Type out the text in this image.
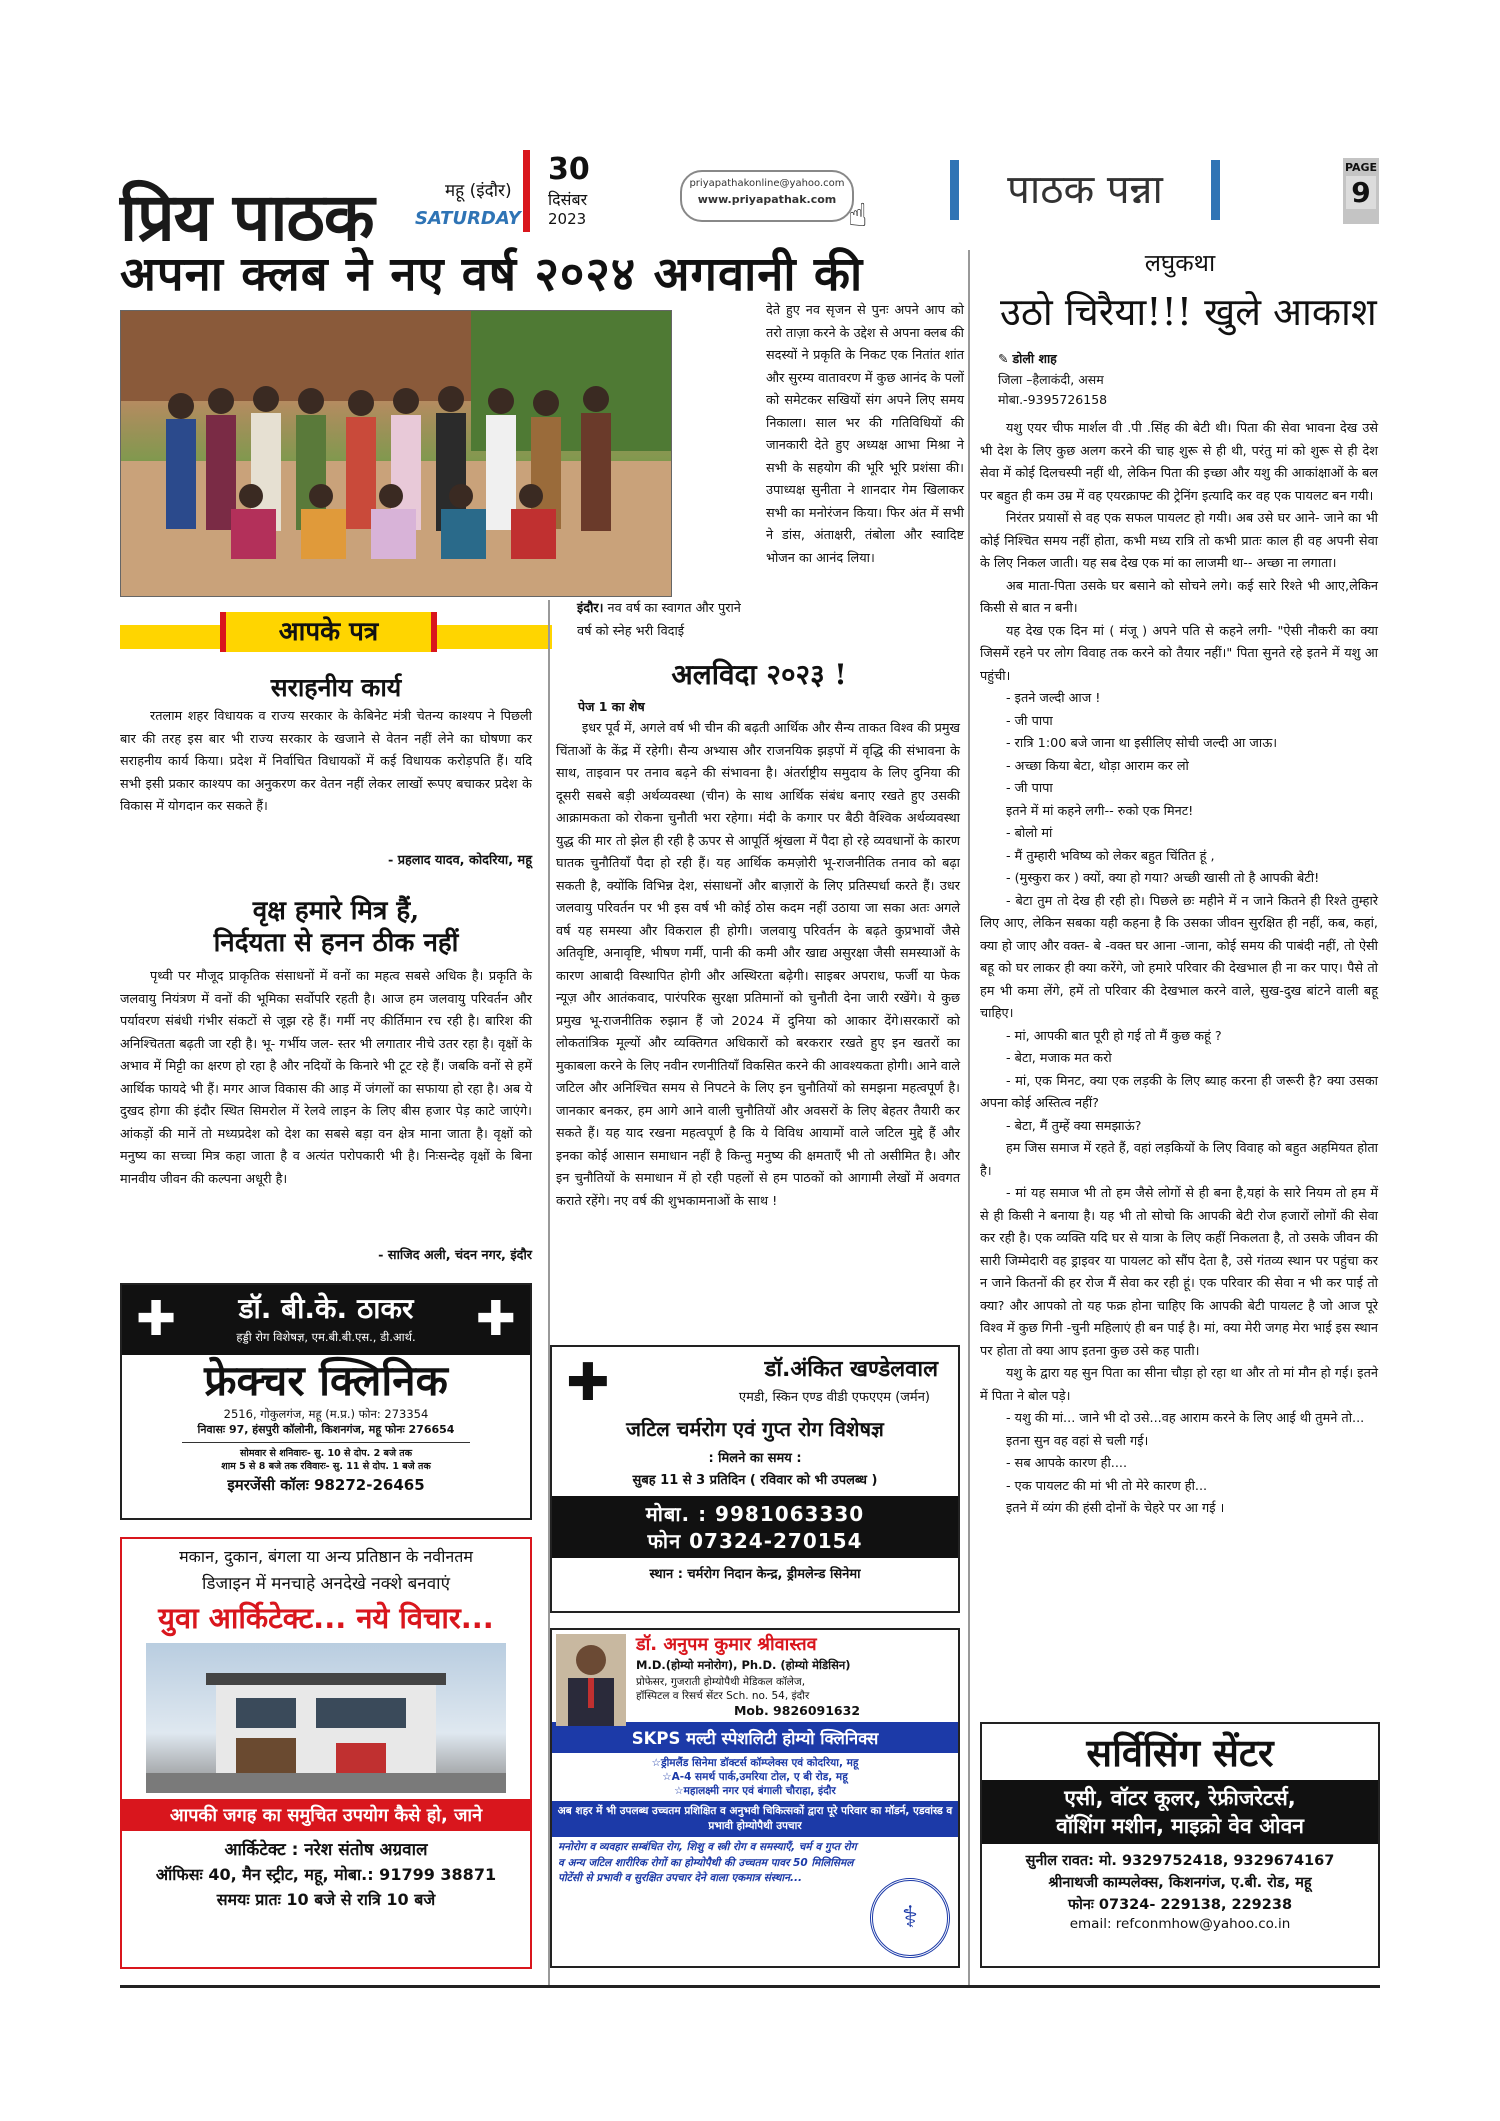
प्रिय पाठक	महू (इंदौर)
SATURDAY
30
दिसंबर
2023
priyapathakonline@yahoo.com
www.priyapathak.com ☝
पाठक पन्ना	PAGE
9
अपना क्लब ने नए वर्ष २०२४ अगवानी की
इंदौर। नव वर्ष का स्वागत और पुराने वर्ष को स्नेह भरी विदाई
देते हुए नव सृजन से पुनः अपने आप को तरो ताज़ा करने के उद्देश से अपना क्लब की सदस्यों ने प्रकृति के निकट एक नितांत शांत और सुरम्य वातावरण में कुछ आनंद के पलों को समेटकर सखियों संग अपने लिए समय निकाला। साल भर की गतिविधियों की जानकारी देते हुए अध्यक्ष आभा मिश्रा ने सभी के सहयोग की भूरि भूरि प्रशंसा की। उपाध्यक्ष सुनीता ने शानदार गेम खिलाकर सभी का मनोरंजन किया। फिर अंत में सभी ने डांस, अंताक्षरी, तंबोला और स्वादिष्ट भोजन का आनंद लिया।
आपके पत्र
सराहनीय कार्य
रतलाम शहर विधायक व राज्य सरकार के केबिनेट मंत्री चेतन्य काश्यप ने पिछली बार की तरह इस बार भी राज्य सरकार के खजाने से वेतन नहीं लेने का घोषणा कर सराहनीय कार्य किया। प्रदेश में निर्वाचित विधायकों में कई विधायक करोड़पति हैं। यदि सभी इसी प्रकार काश्यप का अनुकरण कर वेतन नहीं लेकर लाखों रूपए बचाकर प्रदेश के विकास में योगदान कर सकते हैं।
- प्रहलाद यादव, कोदरिया, महू
वृक्ष हमारे मित्र हैं,
निर्दयता से हनन ठीक नहीं
पृथ्वी पर मौजूद प्राकृतिक संसाधनों में वनों का महत्व सबसे अधिक है। प्रकृति के जलवायु नियंत्रण में वनों की भूमिका सर्वोपरि रहती है। आज हम जलवायु परिवर्तन और पर्यावरण संबंधी गंभीर संकटों से जूझ रहे हैं। गर्मी नए कीर्तिमान रच रही है। बारिश की अनिश्चितता बढ़ती जा रही है। भू- गर्भीय जल- स्तर भी लगातार नीचे उतर रहा है। वृक्षों के अभाव में मिट्टी का क्षरण हो रहा है और नदियों के किनारे भी टूट रहे हैं। जबकि वनों से हमें आर्थिक फायदे भी हैं। मगर आज विकास की आड़ में जंगलों का सफाया हो रहा है। अब ये दुखद होगा की इंदौर स्थित सिमरोल में रेलवे लाइन के लिए बीस हजार पेड़ काटे जाएंगे। आंकड़ों की मानें तो मध्यप्रदेश को देश का सबसे बड़ा वन क्षेत्र माना जाता है। वृक्षों को मनुष्य का सच्चा मित्र कहा जाता है व अत्यंत परोपकारी भी है। निःसन्देह वृक्षों के बिना मानवीय जीवन की कल्पना अधूरी है।
- साजिद अली, चंदन नगर, इंदौर
अलविदा २०२३ !
पेज 1 का शेष
इधर पूर्व में, अगले वर्ष भी चीन की बढ़ती आर्थिक और सैन्य ताकत विश्व की प्रमुख चिंताओं के केंद्र में रहेगी। सैन्य अभ्यास और राजनयिक झड़पों में वृद्धि की संभावना के साथ, ताइवान पर तनाव बढ़ने की संभावना है। अंतर्राष्ट्रीय समुदाय के लिए दुनिया की दूसरी सबसे बड़ी अर्थव्यवस्था (चीन) के साथ आर्थिक संबंध बनाए रखते हुए उसकी आक्रामकता को रोकना चुनौती भरा रहेगा। मंदी के कगार पर बैठी वैश्विक अर्थव्यवस्था युद्ध की मार तो झेल ही रही है ऊपर से आपूर्ति श्रृंखला में पैदा हो रहे व्यवधानों के कारण घातक चुनौतियाँ पैदा हो रही हैं। यह आर्थिक कमज़ोरी भू-राजनीतिक तनाव को बढ़ा सकती है, क्योंकि विभिन्न देश, संसाधनों और बाज़ारों के लिए प्रतिस्पर्धा करते हैं। उधर जलवायु परिवर्तन पर भी इस वर्ष भी कोई ठोस कदम नहीं उठाया जा सका अतः अगले वर्ष यह समस्या और विकराल ही होगी। जलवायु परिवर्तन के बढ़ते कुप्रभावों जैसे अतिवृष्टि, अनावृष्टि, भीषण गर्मी, पानी की कमी और खाद्य असुरक्षा जैसी समस्याओं के कारण आबादी विस्थापित होगी और अस्थिरता बढ़ेगी। साइबर अपराध, फर्जी या फेक न्यूज़ और आतंकवाद, पारंपरिक सुरक्षा प्रतिमानों को चुनौती देना जारी रखेंगे। ये कुछ प्रमुख भू-राजनीतिक रुझान हैं जो 2024 में दुनिया को आकार देंगे।सरकारों को लोकतांत्रिक मूल्यों और व्यक्तिगत अधिकारों को बरकरार रखते हुए इन खतरों का मुकाबला करने के लिए नवीन रणनीतियाँ विकसित करने की आवश्यकता होगी। आने वाले जटिल और अनिश्चित समय से निपटने के लिए इन चुनौतियों को समझना महत्वपूर्ण है। जानकार बनकर, हम आगे आने वाली चुनौतियों और अवसरों के लिए बेहतर तैयारी कर सकते हैं। यह याद रखना महत्वपूर्ण है कि ये विविध आयामों वाले जटिल मुद्दे हैं और इनका कोई आसान समाधान नहीं है किन्तु मनुष्य की क्षमताएँ भी तो असीमित है। और इन चुनौतियों के समाधान में हो रही पहलों से हम पाठकों को आगामी लेखों में अवगत कराते रहेंगे। नए वर्ष की शुभकामनाओं के साथ !
लघुकथा
उठो चिरैया!!! खुले आकाश
✎ डोली शाह
जिला –हैलाकंदी, असम
मोबा.-9395726158

यशु एयर चीफ मार्शल वी .पी .सिंह की बेटी थी। पिता की सेवा भावना देख उसे भी देश के लिए कुछ अलग करने की चाह शुरू से ही थी, परंतु मां को शुरू से ही देश सेवा में कोई दिलचस्पी नहीं थी, लेकिन पिता की इच्छा और यशु की आकांक्षाओं के बल पर बहुत ही कम उम्र में वह एयरक्राफ्ट की ट्रेनिंग इत्यादि कर वह एक पायलट बन गयी।

निरंतर प्रयासों से वह एक सफल पायलट हो गयी। अब उसे घर आने- जाने का भी कोई निश्चित समय नहीं होता, कभी मध्य रात्रि तो कभी प्रातः काल ही वह अपनी सेवा के लिए निकल जाती। यह सब देख एक मां का लाजमी था-- अच्छा ना लगाता।

अब माता-पिता उसके घर बसाने को सोचने लगे। कई सारे रिश्ते भी आए,लेकिन किसी से बात न बनी।

यह देख एक दिन मां ( मंजू ) अपने पति से कहने लगी- "ऐसी नौकरी का क्या जिसमें रहने पर लोग विवाह तक करने को तैयार नहीं।" पिता सुनते रहे इतने में यशु आ पहुंची।

- इतने जल्दी आज !

- जी पापा

- रात्रि 1:00 बजे जाना था इसीलिए सोची जल्दी आ जाऊ।

- अच्छा किया बेटा, थोड़ा आराम कर लो

- जी पापा

इतने में मां कहने लगी-- रुको एक मिनट!

- बोलो मां

- मैं तुम्हारी भविष्य को लेकर बहुत चिंतित हूं ,

- (मुस्कुरा कर ) क्यों, क्या हो गया? अच्छी खासी तो है आपकी बेटी!

- बेटा तुम तो देख ही रही हो। पिछले छः महीने में न जाने कितने ही रिश्ते तुम्हारे लिए आए, लेकिन सबका यही कहना है कि उसका जीवन सुरक्षित ही नहीं, कब, कहां, क्या हो जाए और वक्त- बे -वक्त घर आना -जाना, कोई समय की पाबंदी नहीं, तो ऐसी बहू को घर लाकर ही क्या करेंगे, जो हमारे परिवार की देखभाल ही ना कर पाए। पैसे तो हम भी कमा लेंगे, हमें तो परिवार की देखभाल करने वाले, सुख-दुख बांटने वाली बहू चाहिए।

- मां, आपकी बात पूरी हो गई तो मैं कुछ कहूं ?

- बेटा, मजाक मत करो

- मां, एक मिनट, क्या एक लड़की के लिए ब्याह करना ही जरूरी है? क्या उसका अपना कोई अस्तित्व नहीं?

- बेटा, मैं तुम्हें क्या समझाऊं?

हम जिस समाज में रहते हैं, वहां लड़कियों के लिए विवाह को बहुत अहमियत होता है।

- मां यह समाज भी तो हम जैसे लोगों से ही बना है,यहां के सारे नियम तो हम में से ही किसी ने बनाया है। यह भी तो सोचो कि आपकी बेटी रोज हजारों लोगों की सेवा कर रही है। एक व्यक्ति यदि घर से यात्रा के लिए कहीं निकलता है, तो उसके जीवन की सारी जिम्मेदारी वह ड्राइवर या पायलट को सौंप देता है, उसे गंतव्य स्थान पर पहुंचा कर न जाने कितनों की हर रोज मैं सेवा कर रही हूं। एक परिवार की सेवा न भी कर पाई तो क्या? और आपको तो यह फक्र होना चाहिए कि आपकी बेटी पायलट है जो आज पूरे विश्व में कुछ गिनी -चुनी महिलाएं ही बन पाई है। मां, क्या मेरी जगह मेरा भाई इस स्थान पर होता तो क्या आप इतना कुछ उसे कह पाती।

यशु के द्वारा यह सुन पिता का सीना चौड़ा हो रहा था और तो मां मौन हो गई। इतने में पिता ने बोल पड़े।

- यशु की मां... जाने भी दो उसे...वह आराम करने के लिए आई थी तुमने तो...

इतना सुन वह वहां से चली गई।

- सब आपके कारण ही....

- एक पायलट की मां भी तो मेरे कारण ही...

इतने में व्यंग की हंसी दोनों के चेहरे पर आ गई ।

✚	✚
डॉ. बी.के. ठाकर
हड्डी रोग विशेषज्ञ, एम.बी.बी.एस., डी.आर्थ.
फ्रेक्चर क्लिनिक
2516, गोकुलगंज, महू (म.प्र.) फोन: 273354
निवासः 97, हंसपुरी कॉलोनी, किशनगंज, महू फोनः 276654
सोमवार से शनिवारः- सु. 10 से दोप. 2 बजे तक
शाम 5 से 8 बजे तक रविवारः- सु. 11 से दोप. 1 बजे तक
इमरजेंसी कॉलः 98272-26465
मकान, दुकान, बंगला या अन्य प्रतिष्ठान के नवीनतम
डिजाइन में मनचाहे अनदेखे नक्शे बनवाएं
युवा आर्किटेक्ट... नये विचार...
आपकी जगह का समुचित उपयोग कैसे हो, जाने
आर्किटेक्ट : नरेश संतोष अग्रवाल
ऑफिसः 40, मैन स्ट्रीट, महू, मोबा.: 91799 38871
समयः प्रातः 10 बजे से रात्रि 10 बजे
✚	डॉ.अंकित खण्डेलवाल
एमडी, स्किन एण्ड वीडी एफएएम (जर्मन)
जटिल चर्मरोग एवं गुप्त रोग विशेषज्ञ
: मिलने का समय :
सुबह 11 से 3 प्रतिदिन ( रविवार को भी उपलब्ध )
मोबा. : 9981063330
फोन 07324-270154
स्थान : चर्मरोग निदान केन्द्र, ड्रीमलेन्ड सिनेमा
डॉ. अनुपम कुमार श्रीवास्तव
M.D.(होम्यो मनोरोग), Ph.D. (होम्यो मेडिसिन)
प्रोफेसर, गुजराती होम्योपैथी मेडिकल कॉलेज,
हॉस्पिटल व रिसर्च सेंटर Sch. no. 54, इंदौर
Mob. 9826091632
SKPS मल्टी स्पेशलिटी होम्यो क्लिनिक्स
☆ड्रीमलैंड सिनेमा डॉक्टर्स कॉम्प्लेक्स एवं कोदरिया, महू
☆A-4 समर्थ पार्क,उमरिया टोल, ए बी रोड, महू
☆महालक्ष्मी नगर एवं बंगाली चौराहा, इंदौर
अब शहर में भी उपलब्ध उच्चतम प्रशिक्षित व अनुभवी चिकित्सकों द्वारा पूरे परिवार का मॉडर्न, एडवांस्ड व प्रभावी होम्योपैथी उपचार
मनोरोग व व्यवहार सम्बंधित रोग, शिशु व स्त्री रोग व समस्याएँ, चर्म व गुप्त रोग व अन्य जटिल शारीरिक रोगों का होम्योपैथी की उच्चतम पावर 50 मिलिसिमल पोटेंसी से प्रभावी व सुरक्षित उपचार देने वाला एकमात्र संस्थान...
⚕
सर्विसिंग सेंटर
एसी, वॉटर कूलर, रेफ्रीजरेटर्स,
वॉशिंग मशीन, माइक्रो वेव ओवन
सुनील रावत: मो. 9329752418, 9329674167
श्रीनाथजी काम्पलेक्स, किशनगंज, ए.बी. रोड, महू
फोनः 07324- 229138, 229238
email: refconmhow@yahoo.co.in
